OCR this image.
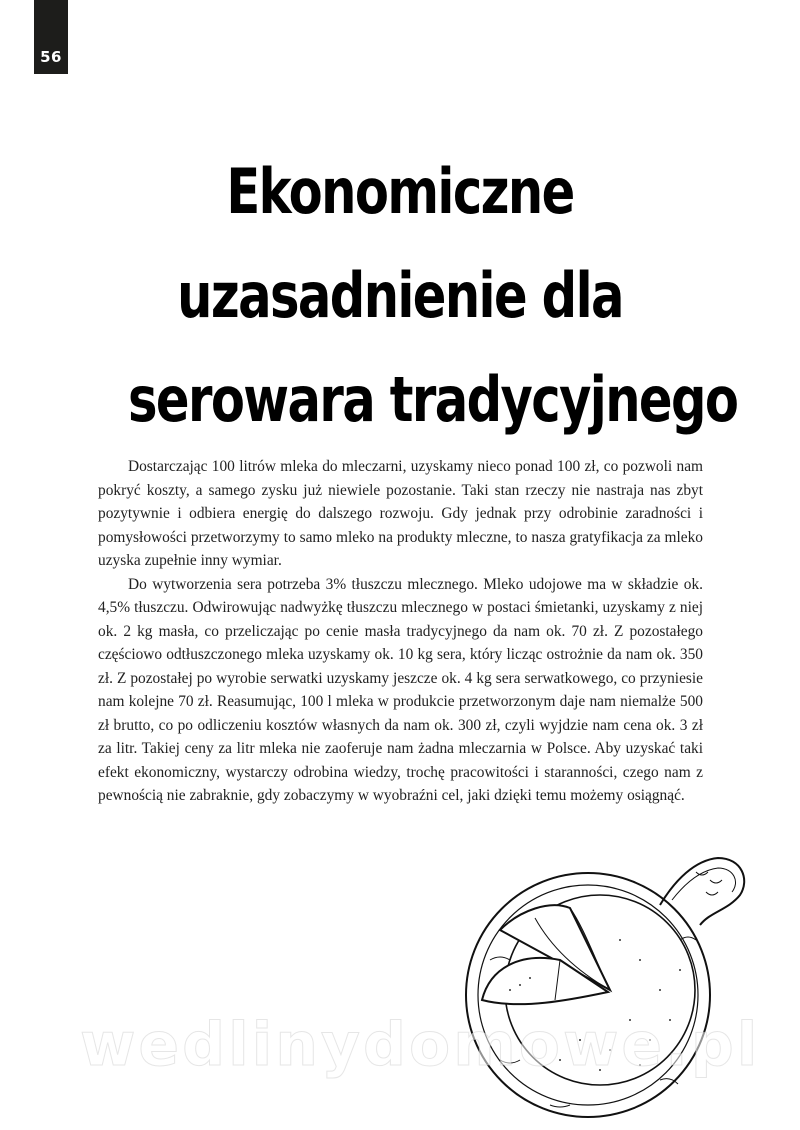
56
Ekonomiczne
uzasadnienie dla
serowara tradycyjnego

Dostarczając 100 litrów mleka do mleczarni, uzyskamy nieco ponad 100 zł, co pozwoli nam pokryć koszty, a samego zysku już niewiele pozostanie. Taki stan rzeczy nie nastraja nas zbyt pozytywnie i odbiera energię do dalszego rozwoju. Gdy jednak przy odrobinie zaradności i pomysłowości przetworzymy to samo mleko na produkty mleczne, to nasza gratyfikacja za mleko uzyska zupełnie inny wymiar.

Do wytworzenia sera potrzeba 3% tłuszczu mlecznego. Mleko udojowe ma w składzie ok. 4,5% tłuszczu. Odwirowując nadwyżkę tłuszczu mlecznego w postaci śmietanki, uzyskamy z niej ok. 2 kg masła, co przeliczając po cenie masła tradycyjnego da nam ok. 70 zł. Z pozostałego częściowo odtłuszczonego mleka uzyskamy ok. 10 kg sera, który licząc ostrożnie da nam ok. 350 zł. Z pozostałej po wyrobie serwatki uzyskamy jeszcze ok. 4 kg sera serwatkowego, co przyniesie nam kolejne 70 zł. Reasumując, 100 l mleka w produkcie przetworzonym daje nam niemalże 500 zł brutto, co po odliczeniu kosztów własnych da nam ok. 300 zł, czyli wyjdzie nam cena ok. 3 zł za litr. Takiej ceny za litr mleka nie zaoferuje nam żadna mleczarnia w Polsce. Aby uzyskać taki efekt ekonomiczny, wystarczy odrobina wiedzy, trochę pracowitości i staranności, czego nam z pewnością nie zabraknie, gdy zobaczymy w wyobraźni cel, jaki dzięki temu możemy osiągnąć.

wedlinydomowe.pl
